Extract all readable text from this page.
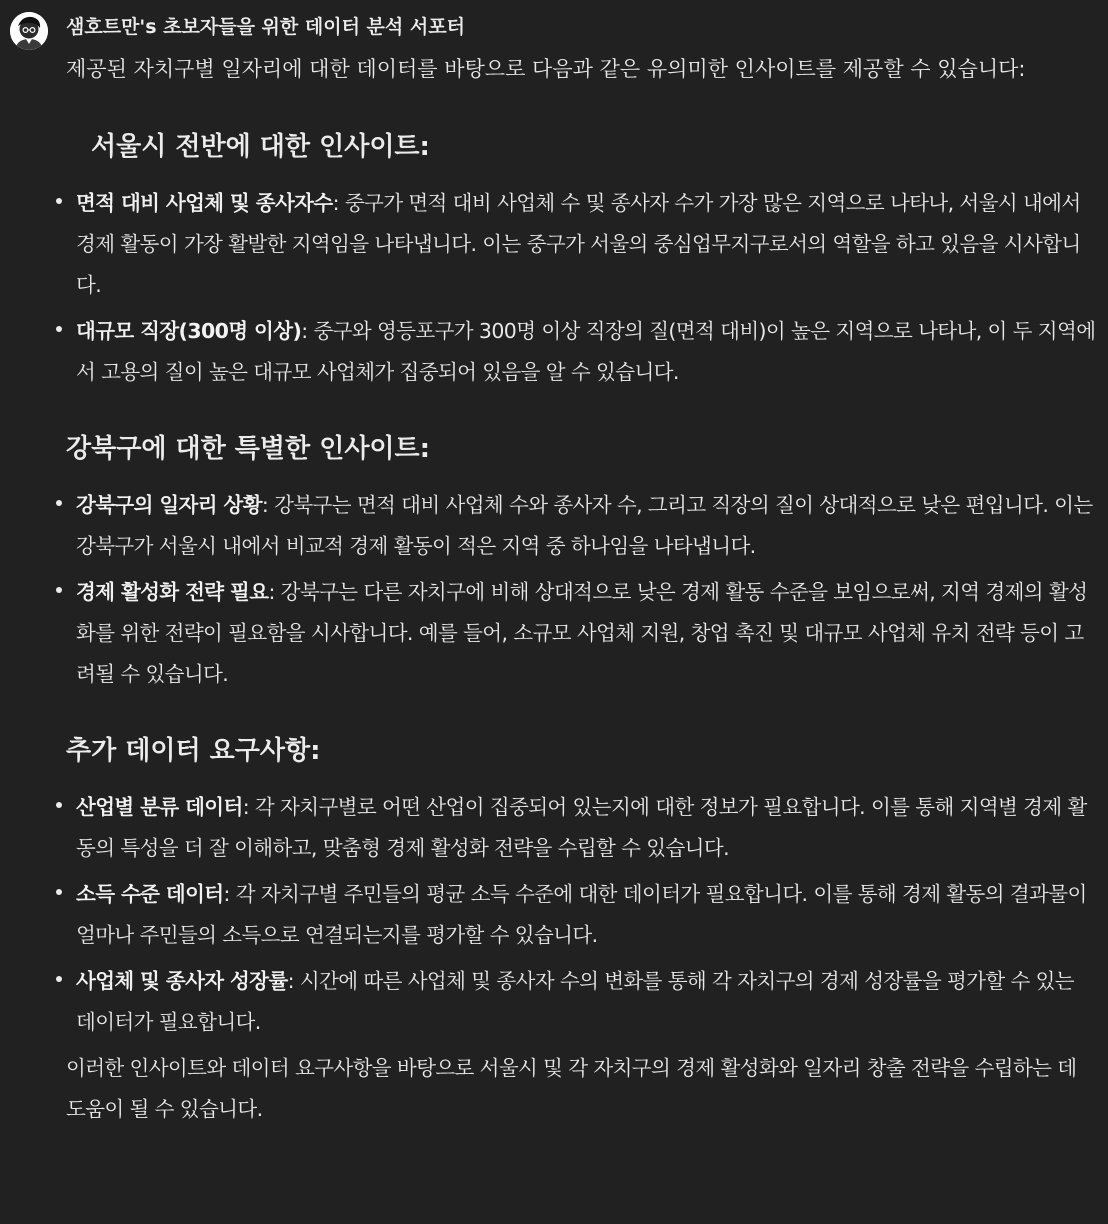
샘호트만's 초보자들을 위한 데이터 분석 서포터

제공된 자치구별 일자리에 대한 데이터를 바탕으로 다음과 같은 유의미한 인사이트를 제공할 수 있습니다:

서울시 전반에 대한 인사이트:
면적 대비 사업체 및 종사자수: 중구가 면적 대비 사업체 수 및 종사자 수가 가장 많은 지역으로 나타나, 서울시 내에서 경제 활동이 가장 활발한 지역임을 나타냅니다. 이는 중구가 서울의 중심업무지구로서의 역할을 하고 있음을 시사합니다.
대규모 직장(300명 이상): 중구와 영등포구가 300명 이상 직장의 질(면적 대비)이 높은 지역으로 나타나, 이 두 지역에서 고용의 질이 높은 대규모 사업체가 집중되어 있음을 알 수 있습니다.
강북구에 대한 특별한 인사이트:
강북구의 일자리 상황: 강북구는 면적 대비 사업체 수와 종사자 수, 그리고 직장의 질이 상대적으로 낮은 편입니다. 이는 강북구가 서울시 내에서 비교적 경제 활동이 적은 지역 중 하나임을 나타냅니다.
경제 활성화 전략 필요: 강북구는 다른 자치구에 비해 상대적으로 낮은 경제 활동 수준을 보임으로써, 지역 경제의 활성화를 위한 전략이 필요함을 시사합니다. 예를 들어, 소규모 사업체 지원, 창업 촉진 및 대규모 사업체 유치 전략 등이 고려될 수 있습니다.
추가 데이터 요구사항:
산업별 분류 데이터: 각 자치구별로 어떤 산업이 집중되어 있는지에 대한 정보가 필요합니다. 이를 통해 지역별 경제 활동의 특성을 더 잘 이해하고, 맞춤형 경제 활성화 전략을 수립할 수 있습니다.
소득 수준 데이터: 각 자치구별 주민들의 평균 소득 수준에 대한 데이터가 필요합니다. 이를 통해 경제 활동의 결과물이 얼마나 주민들의 소득으로 연결되는지를 평가할 수 있습니다.
사업체 및 종사자 성장률: 시간에 따른 사업체 및 종사자 수의 변화를 통해 각 자치구의 경제 성장률을 평가할 수 있는 데이터가 필요합니다.

이러한 인사이트와 데이터 요구사항을 바탕으로 서울시 및 각 자치구의 경제 활성화와 일자리 창출 전략을 수립하는 데 도움이 될 수 있습니다.
